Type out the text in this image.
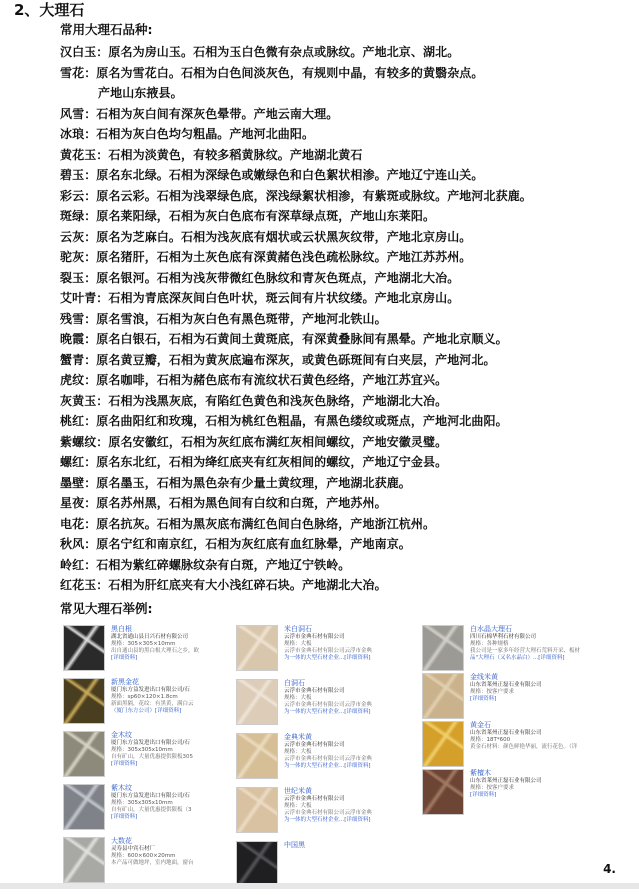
2、大理石
常用大理石品种:
汉白玉：原名为房山玉。石相为玉白色微有杂点或脉纹。产地北京、湖北。
雪花：原名为雪花白。石相为白色间淡灰色，有规则中晶，有较多的黄翳杂点。
产地山东掖县。
风雪：石相为灰白间有深灰色晕带。产地云南大理。
冰琅：石相为灰白色均匀粗晶。产地河北曲阳。
黄花玉：石相为淡黄色，有较多稻黄脉纹。产地湖北黄石
碧玉：原名东北绿。石相为深绿色或嫩绿色和白色絮状相渗。产地辽宁连山关。
彩云：原名云彩。石相为浅翠绿色底，深浅绿絮状相渗，有紫斑或脉纹。产地河北获鹿。
斑绿：原名莱阳绿，石相为灰白色底布有深草绿点斑，产地山东莱阳。
云灰：原名为芝麻白。石相为浅灰底有烟状或云状黑灰纹带，产地北京房山。
驼灰：原名猪肝，石相为土灰色底有深黄赭色浅色疏松脉纹。产地江苏苏州。
裂玉：原名银河。石相为浅灰带微红色脉纹和青灰色斑点，产地湖北大冶。
艾叶青：石相为青底深灰间白色叶状，斑云间有片状纹缕。产地北京房山。
残雪：原名雪浪，石相为灰白色有黑色斑带，产地河北铁山。
晚霞：原名白银石，石相为石黄间土黄斑底，有深黄叠脉间有黑晕。产地北京顺义。
蟹青：原名黄豆瓣，石相为黄灰底遍布深灰，或黄色砾斑间有白夹层，产地河北。
虎纹：原名咖啡，石相为赭色底布有流纹状石黄色经络，产地江苏宜兴。
灰黄玉：石相为浅黑灰底，有陷红色黄色和浅灰色脉络，产地湖北大冶。
桃红：原名曲阳红和玫瑰，石相为桃红色粗晶，有黑色缕纹或斑点，产地河北曲阳。
紫螺纹：原名安徽红，石相为灰红底布满红灰相间螺纹，产地安徽灵璧。
螺红：原名东北红，石相为绛红底夹有红灰相间的螺纹，产地辽宁金县。
墨壁：原名墨玉，石相为黑色杂有少量土黄纹理，产地湖北获鹿。
星夜：原名苏州黑，石相为黑色间有白纹和白斑，产地苏州。
电花：原名抗灰。石相为黑灰底布满红色间白色脉络，产地浙江杭州。
秋风：原名宁红和南京红，石相为灰红底有血红脉晕，产地南京。
岭红：石相为紫红碎螺脉纹杂有白斑，产地辽宁铁岭。
红花玉：石相为肝红底夹有大小浅红碎石块。产地湖北大冶。
常见大理石举例:
黑白根
湖北省通山县日兴石材有限公司
规格：305×305×10mm
出自通山县的黑白根大理石之乡，欧
[详细资料]
新黑金花
厦门东方益发进出口有限公司/石
规格：sp60×120×1.8cm
新面黑隔，花纹：有黑黄，满白云
（厦门东方公司）[详细资料]
金木纹
厦门东方益发进出口有限公司/石
规格：305x305x10mm
自有矿山，大量优惠提供限板305
[详细资料]
紫木纹
厦门东方益发进出口有限公司/石
规格：305x305x10mm
自有矿山，大量优惠提供限板（3
[详细资料]
大数花
灵寿县中宾石材厂
规格：600×600×20mm
本产品可做地坪，室内地面，窗台
米白洞石
云浮市金典石材有限公司
规格：大板
云浮市金典石材有限公司云浮市金典
为一体的大型石材企业...[详细资料]
白洞石
云浮市金典石材有限公司
规格：大板
云浮市金典石材有限公司云浮市金典
为一体的大型石材企业...[详细资料]
金典米黄
云浮市金典石材有限公司
规格：大板
云浮市金典石材有限公司云浮市金典
为一体的大型石材企业...[详细资料]
世纪米黄
云浮市金典石材有限公司
规格：大板
云浮市金典石材有限公司云浮市金典
为一体的大型石材企业...[详细资料]
中国黑
白水晶大理石
四川石棉华利石材有限公司
规格：各种规格
我公司是一家多年经营大理石荒料开采、板材
品"大理石（又名水晶白）...[详细资料]
金线米黄
山东省莱州正磊石业有限公司
规格：按客户要求
[详细资料]
黄金石
山东省莱州正磊石业有限公司
规格：18T*600
黄金石材料：颜色鲜艳华丽，流行花色。（详
紫檀木
山东省莱州正磊石业有限公司
规格：按客户要求
[详细资料]
4.
